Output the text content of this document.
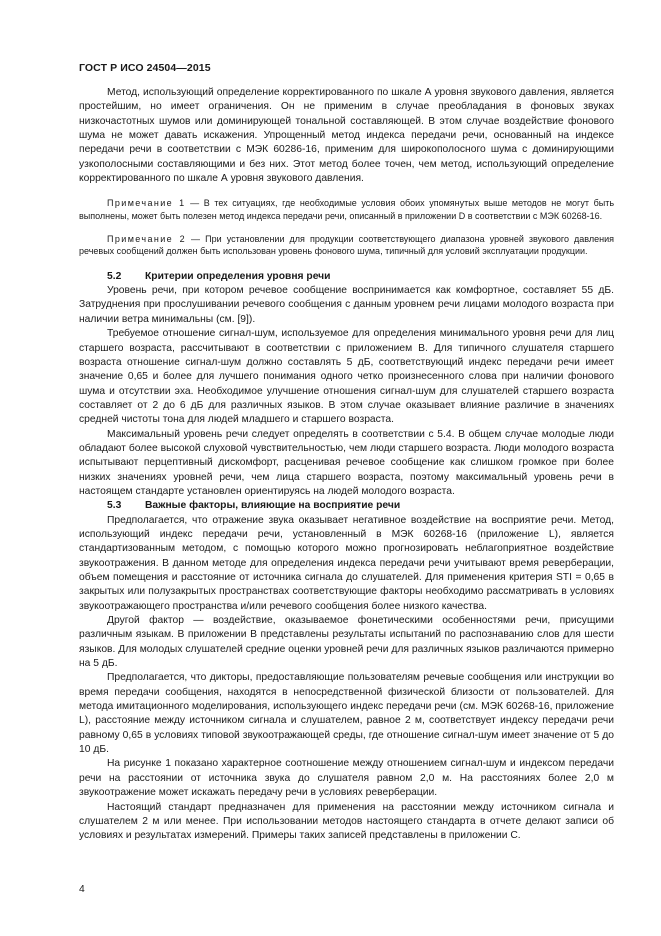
ГОСТ Р ИСО 24504—2015

Метод, использующий определение корректированного по шкале А уровня звукового давления, является простейшим, но имеет ограничения. Он не применим в случае преобладания в фоновых звуках низкочастотных шумов или доминирующей тональной составляющей. В этом случае воздействие фонового шума не может давать искажения. Упрощенный метод индекса передачи речи, основанный на индексе передачи речи в соответствии с МЭК 60286-16, применим для широкополосного шума с доминирующими узкополосными составляющими и без них. Этот метод более точен, чем метод, использующий определение корректированного по шкале А уровня звукового давления.

Примечание 1 — В тех ситуациях, где необходимые условия обоих упомянутых выше методов не могут быть выполнены, может быть полезен метод индекса передачи речи, описанный в приложении D в соответствии с МЭК 60268-16.

Примечание 2 — При установлении для продукции соответствующего диапазона уровней звукового давления речевых сообщений должен быть использован уровень фонового шума, типичный для условий эксплуатации продукции.

5.2 Критерии определения уровня речи

Уровень речи, при котором речевое сообщение воспринимается как комфортное, составляет 55 дБ. Затруднения при прослушивании речевого сообщения с данным уровнем речи лицами молодого возраста при наличии ветра минимальны (см. [9]).

Требуемое отношение сигнал-шум, используемое для определения минимального уровня речи для лиц старшего возраста, рассчитывают в соответствии с приложением В. Для типичного слушателя старшего возраста отношение сигнал-шум должно составлять 5 дБ, соответствующий индекс передачи речи имеет значение 0,65 и более для лучшего понимания одного четко произнесенного слова при наличии фонового шума и отсутствии эха. Необходимое улучшение отношения сигнал-шум для слушателей старшего возраста составляет от 2 до 6 дБ для различных языков. В этом случае оказывает влияние различие в значениях средней чистоты тона для людей младшего и старшего возраста.

Максимальный уровень речи следует определять в соответствии с 5.4. В общем случае молодые люди обладают более высокой слуховой чувствительностью, чем люди старшего возраста. Люди молодого возраста испытывают перцептивный дискомфорт, расценивая речевое сообщение как слишком громкое при более низких значениях уровней речи, чем лица старшего возраста, поэтому максимальный уровень речи в настоящем стандарте установлен ориентируясь на людей молодого возраста.

5.3 Важные факторы, влияющие на восприятие речи

Предполагается, что отражение звука оказывает негативное воздействие на восприятие речи. Метод, использующий индекс передачи речи, установленный в МЭК 60268-16 (приложение L), является стандартизованным методом, с помощью которого можно прогнозировать неблагоприятное воздействие звукоотражения. В данном методе для определения индекса передачи речи учитывают время реверберации, объем помещения и расстояние от источника сигнала до слушателей. Для применения критерия STI = 0,65 в закрытых или полузакрытых пространствах соответствующие факторы необходимо рассматривать в условиях звукоотражающего пространства и/или речевого сообщения более низкого качества.

Другой фактор — воздействие, оказываемое фонетическими особенностями речи, присущими различным языкам. В приложении В представлены результаты испытаний по распознаванию слов для шести языков. Для молодых слушателей средние оценки уровней речи для различных языков различаются примерно на 5 дБ.

Предполагается, что дикторы, предоставляющие пользователям речевые сообщения или инструкции во время передачи сообщения, находятся в непосредственной физической близости от пользователей. Для метода имитационного моделирования, использующего индекс передачи речи (см. МЭК 60268-16, приложение L), расстояние между источником сигнала и слушателем, равное 2 м, соответствует индексу передачи речи равному 0,65 в условиях типовой звукоотражающей среды, где отношение сигнал-шум имеет значение от 5 до 10 дБ.

На рисунке 1 показано характерное соотношение между отношением сигнал-шум и индексом передачи речи на расстоянии от источника звука до слушателя равном 2,0 м. На расстояниях более 2,0 м звукоотражение может искажать передачу речи в условиях реверберации.

Настоящий стандарт предназначен для применения на расстоянии между источником сигнала и слушателем 2 м или менее. При использовании методов настоящего стандарта в отчете делают записи об условиях и результатах измерений. Примеры таких записей представлены в приложении С.

4
